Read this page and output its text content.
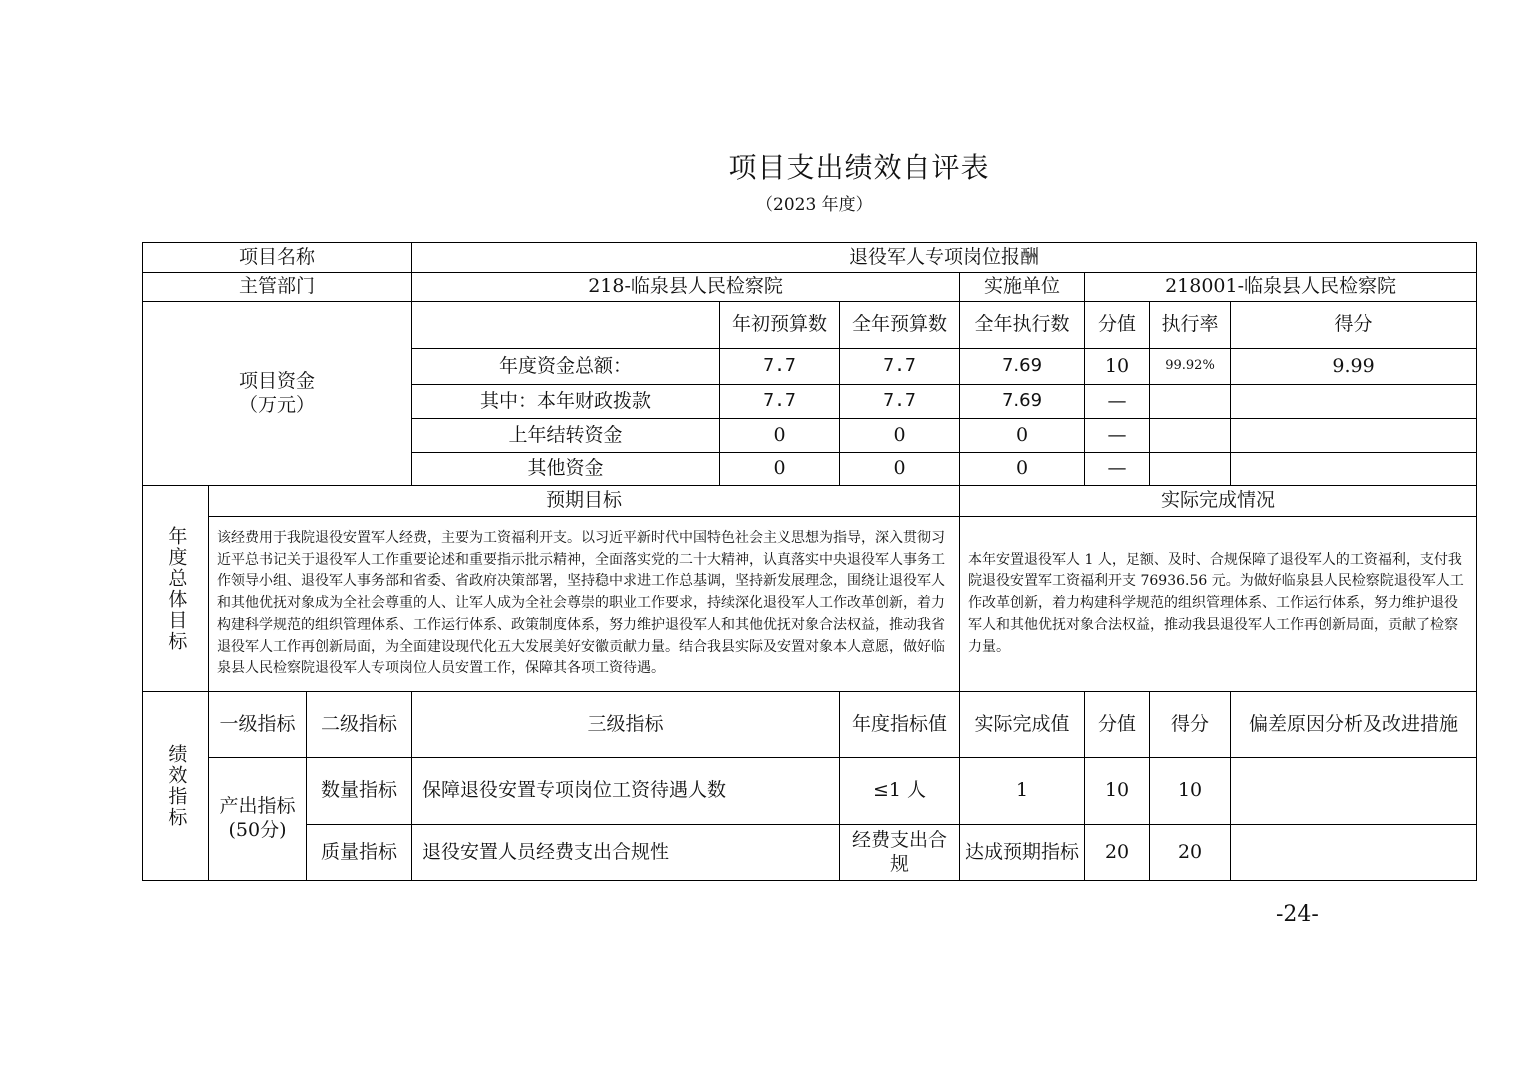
项目支出绩效自评表
（2023 年度）
项目名称			退役军人专项岗位报酬						
主管部门			218-临泉县人民检察院			实施单位	218001-临泉县人民检察院		

项目资金
（万元）				年初预算数	全年预算数	全年执行数	分值	执行率	得分
			年度资金总额：	7.7	7.7	7.69	10	99.92%	9.99
			其中：本年财政拨款	7.7	7.7	7.69	—		
			上年结转资金	0	0	0	—		
			其他资金	0	0	0	—		

年度总体目标	预期目标					实际完成情况			
	该经费用于我院退役安置军人经费，主要为工资福利开支。以习近平新时代中国特色社会主义思想为指导，深入贯彻习近平总书记关于退役军人工作重要论述和重要指示批示精神，全面落实党的二十大精神，认真落实中央退役军人事务工作领导小组、退役军人事务部和省委、省政府决策部署，坚持稳中求进工作总基调，坚持新发展理念，围绕让退役军人和其他优抚对象成为全社会尊重的人、让军人成为全社会尊崇的职业工作要求，持续深化退役军人工作改革创新，着力构建科学规范的组织管理体系、工作运行体系、政策制度体系，努力维护退役军人和其他优抚对象合法权益，推动我省退役军人工作再创新局面，为全面建设现代化五大发展美好安徽贡献力量。结合我县实际及安置对象本人意愿，做好临泉县人民检察院退役军人专项岗位人员安置工作，保障其各项工资待遇。					本年安置退役军人 1 人，足额、及时、合规保障了退役军人的工资福利，支付我院退役安置军工资福利开支 76936.56 元。为做好临泉县人民检察院退役军人工作改革创新，着力构建科学规范的组织管理体系、工作运行体系，努力维护退役军人和其他优抚对象合法权益，推动我县退役军人工作再创新局面，贡献了检察力量。			

绩效指标	一级指标	二级指标	三级指标		年度指标值	实际完成值	分值	得分	偏差原因分析及改进措施
	产出指标(50分)	数量指标	保障退役安置专项岗位工资待遇人数		≤1 人	1	10	10	
		质量指标	退役安置人员经费支出合规性		经费支出合规	达成预期指标	20	20	
-24-
